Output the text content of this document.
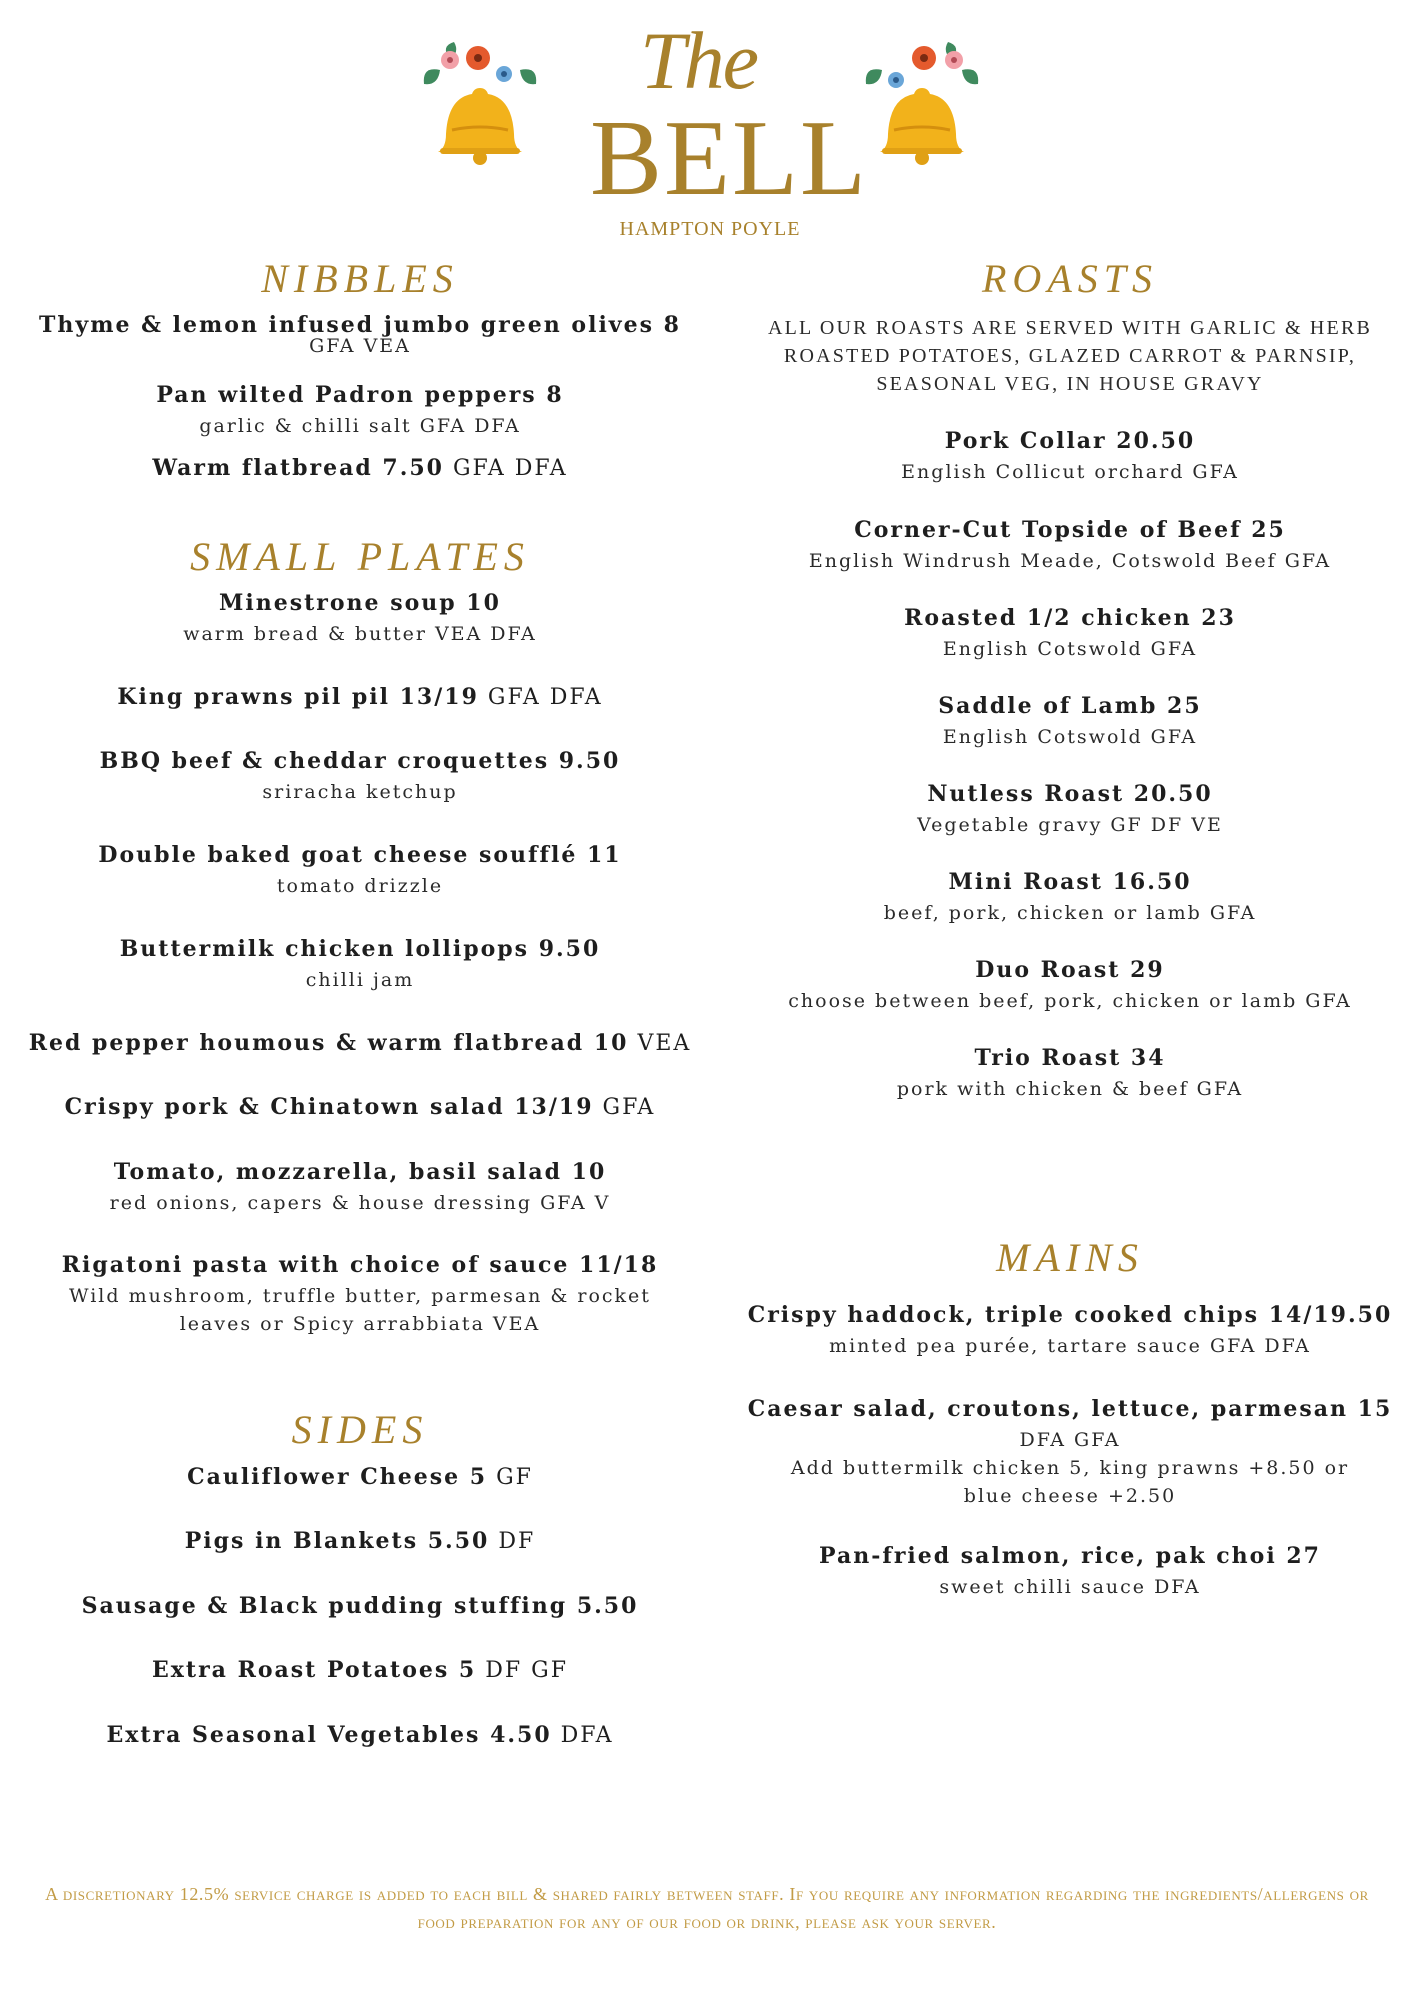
The
BELL
HAMPTON POYLE
NIBBLES
Thyme & lemon infused jumbo green olives 8
GFA VEA
Pan wilted Padron peppers 8
garlic & chilli salt GFA DFA
Warm flatbread 7.50 GFA DFA
SMALL PLATES
Minestrone soup 10
warm bread & butter VEA DFA
King prawns pil pil 13/19 GFA DFA
BBQ beef & cheddar croquettes 9.50
sriracha ketchup
Double baked goat cheese soufflé 11
tomato drizzle
Buttermilk chicken lollipops 9.50
chilli jam
Red pepper houmous & warm flatbread 10 VEA
Crispy pork & Chinatown salad 13/19 GFA
Tomato, mozzarella, basil salad 10
red onions, capers & house dressing GFA V
Rigatoni pasta with choice of sauce 11/18
Wild mushroom, truffle butter, parmesan & rocket leaves or Spicy arrabbiata VEA
SIDES
Cauliflower Cheese 5 GF
Pigs in Blankets 5.50 DF
Sausage & Black pudding stuffing 5.50
Extra Roast Potatoes 5 DF GF
Extra Seasonal Vegetables 4.50 DFA
ROASTS
ALL OUR ROASTS ARE SERVED WITH GARLIC & HERB ROASTED POTATOES, GLAZED CARROT & PARNSIP, SEASONAL VEG, IN HOUSE GRAVY
Pork Collar 20.50
English Collicut orchard GFA
Corner-Cut Topside of Beef 25
English Windrush Meade, Cotswold Beef GFA
Roasted 1/2 chicken 23
English Cotswold GFA
Saddle of Lamb 25
English Cotswold GFA
Nutless Roast 20.50
Vegetable gravy GF DF VE
Mini Roast 16.50
beef, pork, chicken or lamb GFA
Duo Roast 29
choose between beef, pork, chicken or lamb GFA
Trio Roast 34
pork with chicken & beef GFA
MAINS
Crispy haddock, triple cooked chips 14/19.50
minted pea purée, tartare sauce GFA DFA
Caesar salad, croutons, lettuce, parmesan 15
DFA GFA
Add buttermilk chicken 5, king prawns +8.50 or blue cheese +2.50
Pan-fried salmon, rice, pak choi 27
sweet chilli sauce DFA
A discretionary 12.5% service charge is added to each bill & shared fairly between staff. If you require any information regarding the ingredients/allergens or food preparation for any of our food or drink, please ask your server.
